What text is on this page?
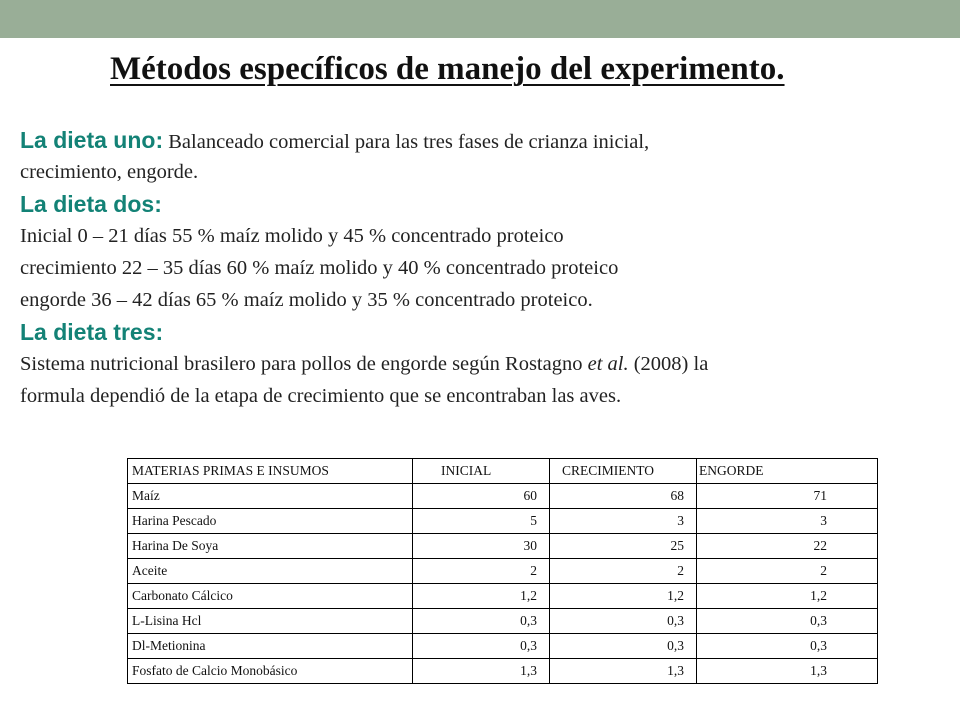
Métodos específicos de manejo del experimento.
La dieta uno: Balanceado comercial para las tres fases de crianza inicial,
crecimiento, engorde.
La dieta dos:
Inicial 0 – 21 días 55 % maíz molido y 45 % concentrado proteico
crecimiento 22 – 35 días 60 % maíz molido y 40 % concentrado proteico
engorde 36 – 42 días 65 % maíz molido y 35 % concentrado proteico.
La dieta tres:
Sistema nutricional brasilero para pollos de engorde según Rostagno et al. (2008) la
formula dependió de la etapa de crecimiento que se encontraban las aves.
MATERIAS PRIMAS E INSUMOS	INICIAL	CRECIMIENTO	ENGORDE
Maíz	60	68	71
Harina Pescado	5	3	3
Harina De Soya	30	25	22
Aceite	2	2	2
Carbonato Cálcico	1,2	1,2	1,2
L-Lisina Hcl	0,3	0,3	0,3
Dl-Metionina	0,3	0,3	0,3
Fosfato de Calcio Monobásico	1,3	1,3	1,3
